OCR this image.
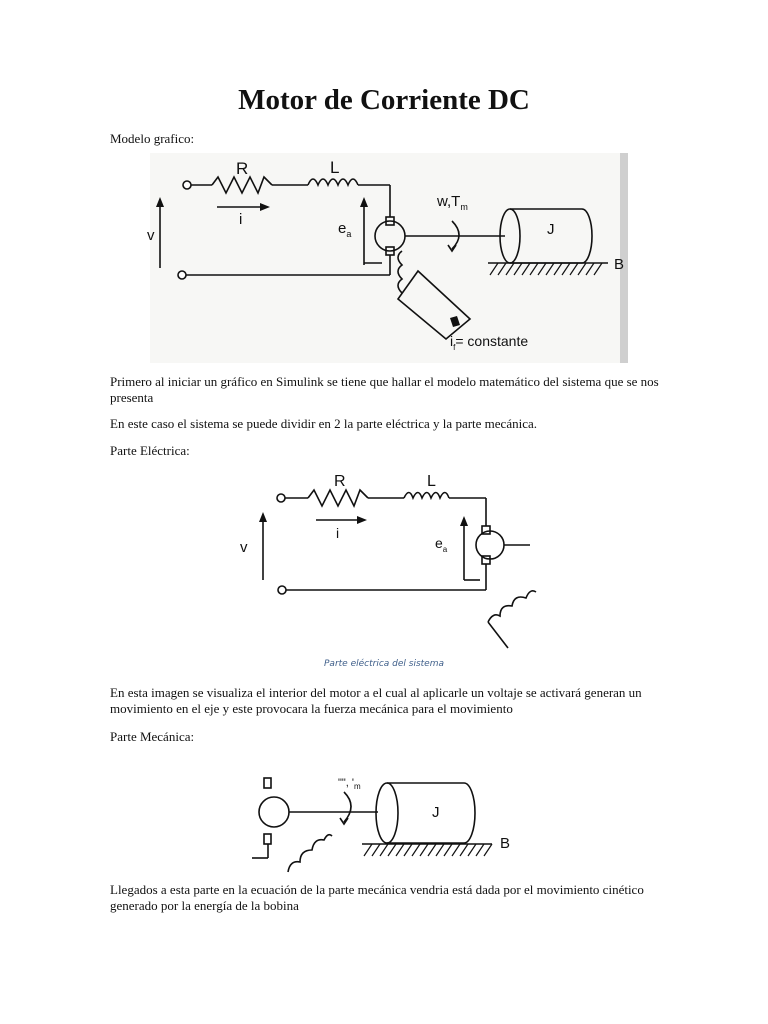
Motor de Corriente DC

Modelo grafico:

R	L
i
v	$e_a$
$w,T_m$
J
B
$i_f=$ constante

Primero al iniciar un gráfico en Simulink se tiene que hallar el modelo matemático del sistema que se nos presenta

En este caso el sistema se puede dividir en 2 la parte eléctrica y la parte mecánica.

Parte Eléctrica:

R	L
i
v	$e_a$
Parte eléctrica del sistema

En esta imagen se visualiza el interior del motor a el cual al aplicarle un voltaje se activará generan un movimiento en el eje y este provocara la fuerza mecánica para el movimiento

Parte Mecánica:

"", '$_m$
J
B

Llegados a esta parte en la ecuación de la parte mecánica vendria está dada por el movimiento cinético generado por la energía de la bobina
